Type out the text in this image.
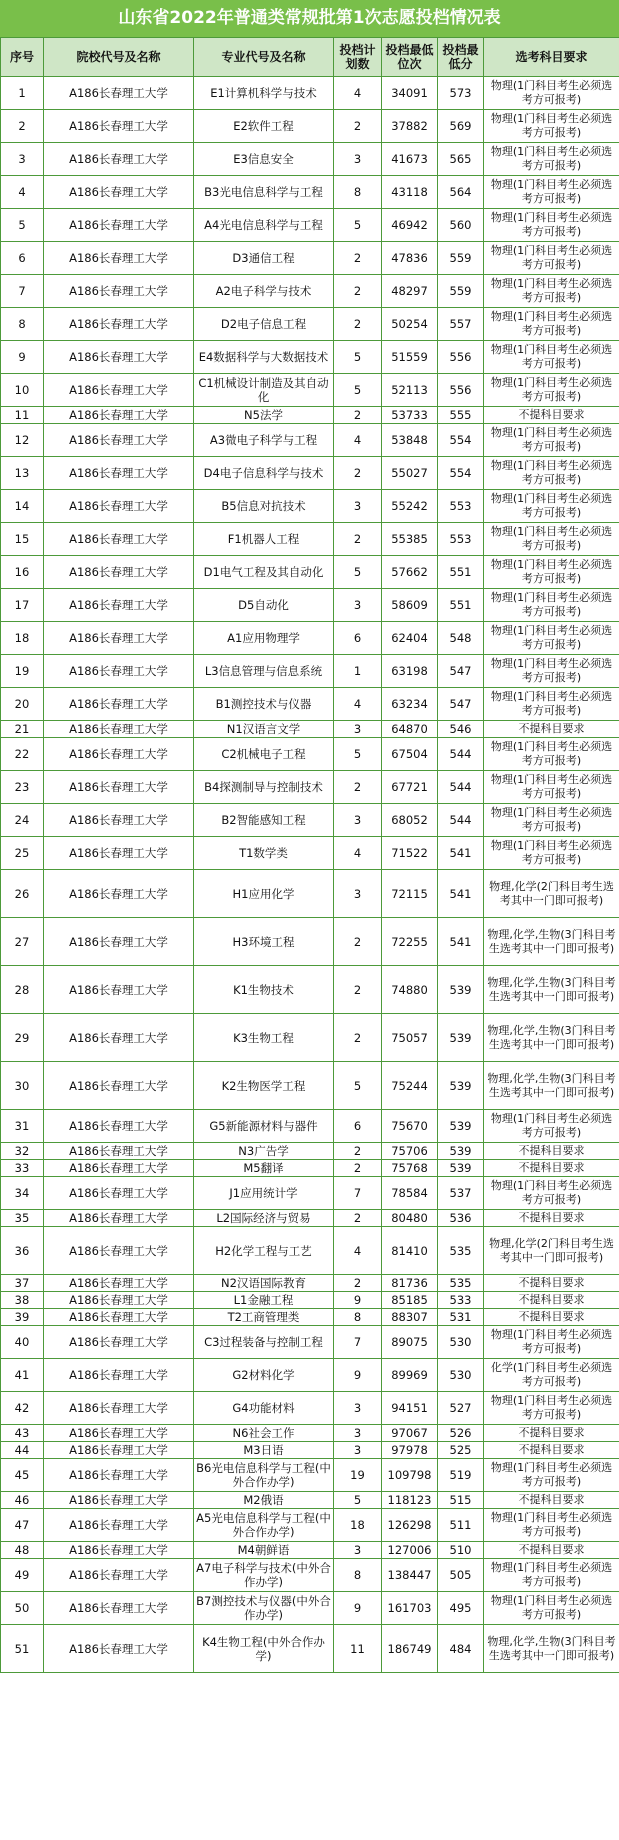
山东省2022年普通类常规批第1次志愿投档情况表
序号	院校代号及名称	专业代号及名称	投档计划数	投档最低位次	投档最低分	选考科目要求
1	A186长春理工大学	E1计算机科学与技术	4	34091	573	物理(1门科目考生必须选考方可报考)
2	A186长春理工大学	E2软件工程	2	37882	569	物理(1门科目考生必须选考方可报考)
3	A186长春理工大学	E3信息安全	3	41673	565	物理(1门科目考生必须选考方可报考)
4	A186长春理工大学	B3光电信息科学与工程	8	43118	564	物理(1门科目考生必须选考方可报考)
5	A186长春理工大学	A4光电信息科学与工程	5	46942	560	物理(1门科目考生必须选考方可报考)
6	A186长春理工大学	D3通信工程	2	47836	559	物理(1门科目考生必须选考方可报考)
7	A186长春理工大学	A2电子科学与技术	2	48297	559	物理(1门科目考生必须选考方可报考)
8	A186长春理工大学	D2电子信息工程	2	50254	557	物理(1门科目考生必须选考方可报考)
9	A186长春理工大学	E4数据科学与大数据技术	5	51559	556	物理(1门科目考生必须选考方可报考)
10	A186长春理工大学	C1机械设计制造及其自动化	5	52113	556	物理(1门科目考生必须选考方可报考)
11	A186长春理工大学	N5法学	2	53733	555	不提科目要求
12	A186长春理工大学	A3微电子科学与工程	4	53848	554	物理(1门科目考生必须选考方可报考)
13	A186长春理工大学	D4电子信息科学与技术	2	55027	554	物理(1门科目考生必须选考方可报考)
14	A186长春理工大学	B5信息对抗技术	3	55242	553	物理(1门科目考生必须选考方可报考)
15	A186长春理工大学	F1机器人工程	2	55385	553	物理(1门科目考生必须选考方可报考)
16	A186长春理工大学	D1电气工程及其自动化	5	57662	551	物理(1门科目考生必须选考方可报考)
17	A186长春理工大学	D5自动化	3	58609	551	物理(1门科目考生必须选考方可报考)
18	A186长春理工大学	A1应用物理学	6	62404	548	物理(1门科目考生必须选考方可报考)
19	A186长春理工大学	L3信息管理与信息系统	1	63198	547	物理(1门科目考生必须选考方可报考)
20	A186长春理工大学	B1测控技术与仪器	4	63234	547	物理(1门科目考生必须选考方可报考)
21	A186长春理工大学	N1汉语言文学	3	64870	546	不提科目要求
22	A186长春理工大学	C2机械电子工程	5	67504	544	物理(1门科目考生必须选考方可报考)
23	A186长春理工大学	B4探测制导与控制技术	2	67721	544	物理(1门科目考生必须选考方可报考)
24	A186长春理工大学	B2智能感知工程	3	68052	544	物理(1门科目考生必须选考方可报考)
25	A186长春理工大学	T1数学类	4	71522	541	物理(1门科目考生必须选考方可报考)
26	A186长春理工大学	H1应用化学	3	72115	541	物理,化学(2门科目考生选考其中一门即可报考)
27	A186长春理工大学	H3环境工程	2	72255	541	物理,化学,生物(3门科目考生选考其中一门即可报考)
28	A186长春理工大学	K1生物技术	2	74880	539	物理,化学,生物(3门科目考生选考其中一门即可报考)
29	A186长春理工大学	K3生物工程	2	75057	539	物理,化学,生物(3门科目考生选考其中一门即可报考)
30	A186长春理工大学	K2生物医学工程	5	75244	539	物理,化学,生物(3门科目考生选考其中一门即可报考)
31	A186长春理工大学	G5新能源材料与器件	6	75670	539	物理(1门科目考生必须选考方可报考)
32	A186长春理工大学	N3广告学	2	75706	539	不提科目要求
33	A186长春理工大学	M5翻译	2	75768	539	不提科目要求
34	A186长春理工大学	J1应用统计学	7	78584	537	物理(1门科目考生必须选考方可报考)
35	A186长春理工大学	L2国际经济与贸易	2	80480	536	不提科目要求
36	A186长春理工大学	H2化学工程与工艺	4	81410	535	物理,化学(2门科目考生选考其中一门即可报考)
37	A186长春理工大学	N2汉语国际教育	2	81736	535	不提科目要求
38	A186长春理工大学	L1金融工程	9	85185	533	不提科目要求
39	A186长春理工大学	T2工商管理类	8	88307	531	不提科目要求
40	A186长春理工大学	C3过程装备与控制工程	7	89075	530	物理(1门科目考生必须选考方可报考)
41	A186长春理工大学	G2材料化学	9	89969	530	化学(1门科目考生必须选考方可报考)
42	A186长春理工大学	G4功能材料	3	94151	527	物理(1门科目考生必须选考方可报考)
43	A186长春理工大学	N6社会工作	3	97067	526	不提科目要求
44	A186长春理工大学	M3日语	3	97978	525	不提科目要求
45	A186长春理工大学	B6光电信息科学与工程(中外合作办学)	19	109798	519	物理(1门科目考生必须选考方可报考)
46	A186长春理工大学	M2俄语	5	118123	515	不提科目要求
47	A186长春理工大学	A5光电信息科学与工程(中外合作办学)	18	126298	511	物理(1门科目考生必须选考方可报考)
48	A186长春理工大学	M4朝鲜语	3	127006	510	不提科目要求
49	A186长春理工大学	A7电子科学与技术(中外合作办学)	8	138447	505	物理(1门科目考生必须选考方可报考)
50	A186长春理工大学	B7测控技术与仪器(中外合作办学)	9	161703	495	物理(1门科目考生必须选考方可报考)
51	A186长春理工大学	K4生物工程(中外合作办学)	11	186749	484	物理,化学,生物(3门科目考生选考其中一门即可报考)
